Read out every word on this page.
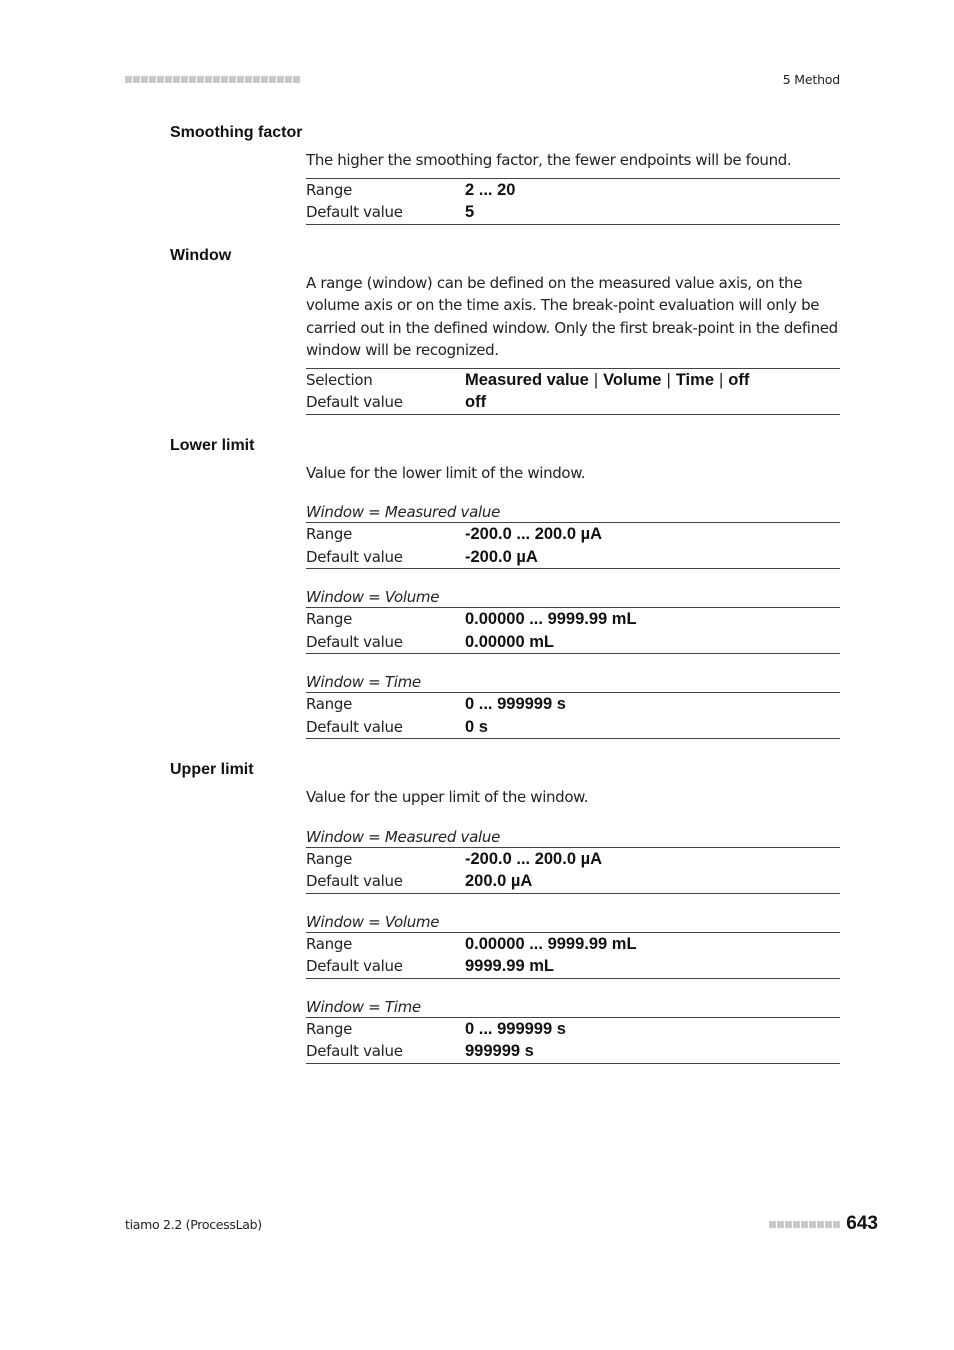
5 Method
Smoothing factor

The higher the smoothing factor, the fewer endpoints will be found.

Range	2 ... 20
Default value	5
Window

A range (window) can be defined on the measured value axis, on the volume axis or on the time axis. The break-point evaluation will only be carried out in the defined window. Only the first break-point in the defined window will be recognized.

Selection	Measured value | Volume | Time | off
Default value	off
Lower limit

Value for the lower limit of the window.

Window = Measured value
Range	-200.0 ... 200.0 µA
Default value	-200.0 µA
Window = Volume
Range	0.00000 ... 9999.99 mL
Default value	0.00000 mL
Window = Time
Range	0 ... 999999 s
Default value	0 s
Upper limit

Value for the upper limit of the window.

Window = Measured value
Range	-200.0 ... 200.0 µA
Default value	200.0 µA
Window = Volume
Range	0.00000 ... 9999.99 mL
Default value	9999.99 mL
Window = Time
Range	0 ... 999999 s
Default value	999999 s
tiamo 2.2 (ProcessLab)	643
